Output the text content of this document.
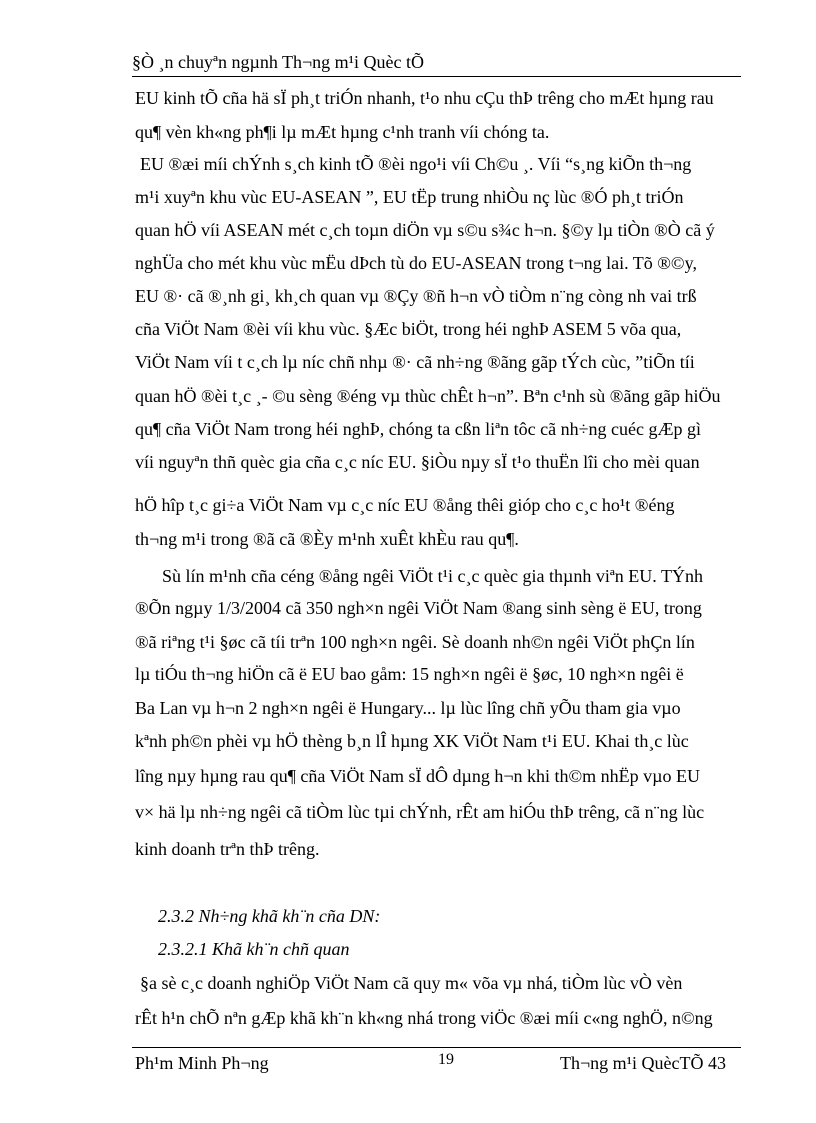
§Ò ¸n chuyªn ngµnh Th¬ng m¹i Quèc tÕ
EU kinh tÕ cña hä sÏ ph¸t triÓn nhanh, t¹o nhu cÇu thÞ trêng cho mÆt hµng rau
qu¶ vèn kh«ng ph¶i lµ mÆt hµng c¹nh tranh víi chóng ta.
EU ®æi míi chÝnh s¸ch kinh tÕ ®èi ngo¹i víi Ch©u ¸. Víi “s¸ng kiÕn th¬ng
m¹i xuyªn khu vùc EU-ASEAN ”, EU tËp trung nhiÒu nç lùc ®Ó ph¸t triÓn
quan hÖ víi ASEAN mét c¸ch toµn diÖn vµ s©u s¾c h¬n. §©y lµ tiÒn ®Ò cã ý
nghÜa cho mét khu vùc mËu dÞch tù do EU-ASEAN trong t¬ng lai. Tõ ®©y,
EU ®· cã ®¸nh gi¸ kh¸ch quan vµ ®Çy ®ñ h¬n vÒ tiÒm n¨ng còng nh vai trß
cña ViÖt Nam ®èi víi khu vùc. §Æc biÖt, trong héi nghÞ ASEM 5 võa qua,
ViÖt Nam víi t c¸ch lµ níc chñ nhµ ®· cã nh÷ng ®ãng gãp tÝch cùc, ”tiÕn tíi
quan hÖ ®èi t¸c ¸- ©u sèng ®éng vµ thùc chÊt h¬n”. Bªn c¹nh sù ®ãng gãp hiÖu
qu¶ cña ViÖt Nam trong héi nghÞ, chóng ta cßn liªn tôc cã nh÷ng cuéc gÆp gì
víi nguyªn thñ quèc gia cña c¸c níc EU. §iÒu nµy sÏ t¹o thuËn lîi cho mèi quan
hÖ hîp t¸c gi÷a ViÖt Nam vµ c¸c níc EU ®ång thêi gióp cho c¸c ho¹t ®éng
th¬ng m¹i trong ®ã cã ®Èy m¹nh xuÊt khÈu rau qu¶.
Sù lín m¹nh cña céng ®ång ngêi ViÖt t¹i c¸c quèc gia thµnh viªn EU. TÝnh
®Õn ngµy 1/3/2004 cã 350 ngh×n ngêi ViÖt Nam ®ang sinh sèng ë EU, trong
®ã riªng t¹i §øc cã tíi trªn 100 ngh×n ngêi. Sè doanh nh©n ngêi ViÖt phÇn lín
lµ tiÓu th¬ng hiÖn cã ë EU bao gåm: 15 ngh×n ngêi ë §øc, 10 ngh×n ngêi ë
Ba Lan vµ h¬n 2 ngh×n ngêi ë Hungary... lµ lùc lîng chñ yÕu tham gia vµo
kªnh ph©n phèi vµ hÖ thèng b¸n lÎ hµng XK ViÖt Nam t¹i EU. Khai th¸c lùc
lîng nµy hµng rau qu¶ cña ViÖt Nam sÏ dÔ dµng h¬n khi th©m nhËp vµo EU
v× hä lµ nh÷ng ngêi cã tiÒm lùc tµi chÝnh, rÊt am hiÓu thÞ trêng, cã n¨ng lùc
kinh doanh trªn thÞ trêng.
2.3.2 Nh÷ng khã kh¨n cña DN:
2.3.2.1 Khã kh¨n chñ quan
§a sè c¸c doanh nghiÖp ViÖt Nam cã quy m« võa vµ nhá, tiÒm lùc vÒ vèn
rÊt h¹n chÕ nªn gÆp khã kh¨n kh«ng nhá trong viÖc ®æi míi c«ng nghÖ, n©ng
Ph¹m Minh Ph¬ng	19	Th¬ng m¹i QuècTÕ 43
